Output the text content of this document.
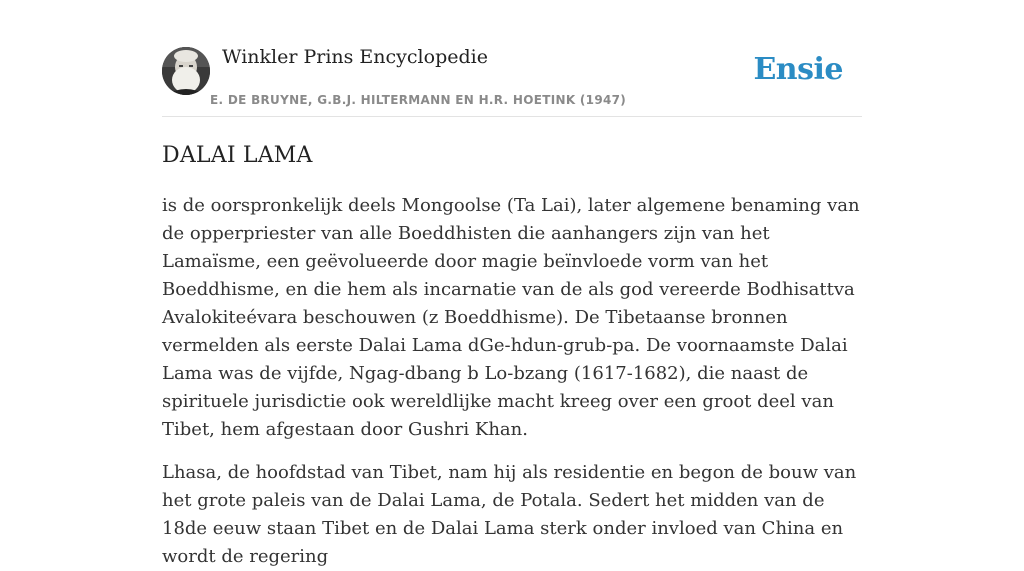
Winkler Prins Encyclopedie
E. DE BRUYNE, G.B.J. HILTERMANN EN H.R. HOETINK (1947)
Ensie
DALAI LAMA

is de oorspronkelijk deels Mongoolse (Ta Lai), later algemene benaming van de opperpriester van alle Boeddhisten die aanhangers zijn van het Lamaïsme, een geëvolueerde door magie beïnvloede vorm van het Boeddhisme, en die hem als incarnatie van de als god vereerde Bodhisattva Avalokiteévara beschouwen (z Boeddhisme). De Tibetaanse bronnen vermelden als eerste Dalai Lama dGe-hdun-grub-pa. De voornaamste Dalai Lama was de vijfde, Ngag-dbang b Lo-bzang (1617-1682), die naast de spirituele jurisdictie ook wereldlijke macht kreeg over een groot deel van Tibet, hem afgestaan door Gushri Khan.

Lhasa, de hoofdstad van Tibet, nam hij als residentie en begon de bouw van het grote paleis van de Dalai Lama, de Potala. Sedert het midden van de 18de eeuw staan Tibet en de Dalai Lama sterk onder invloed van China en wordt de regering
